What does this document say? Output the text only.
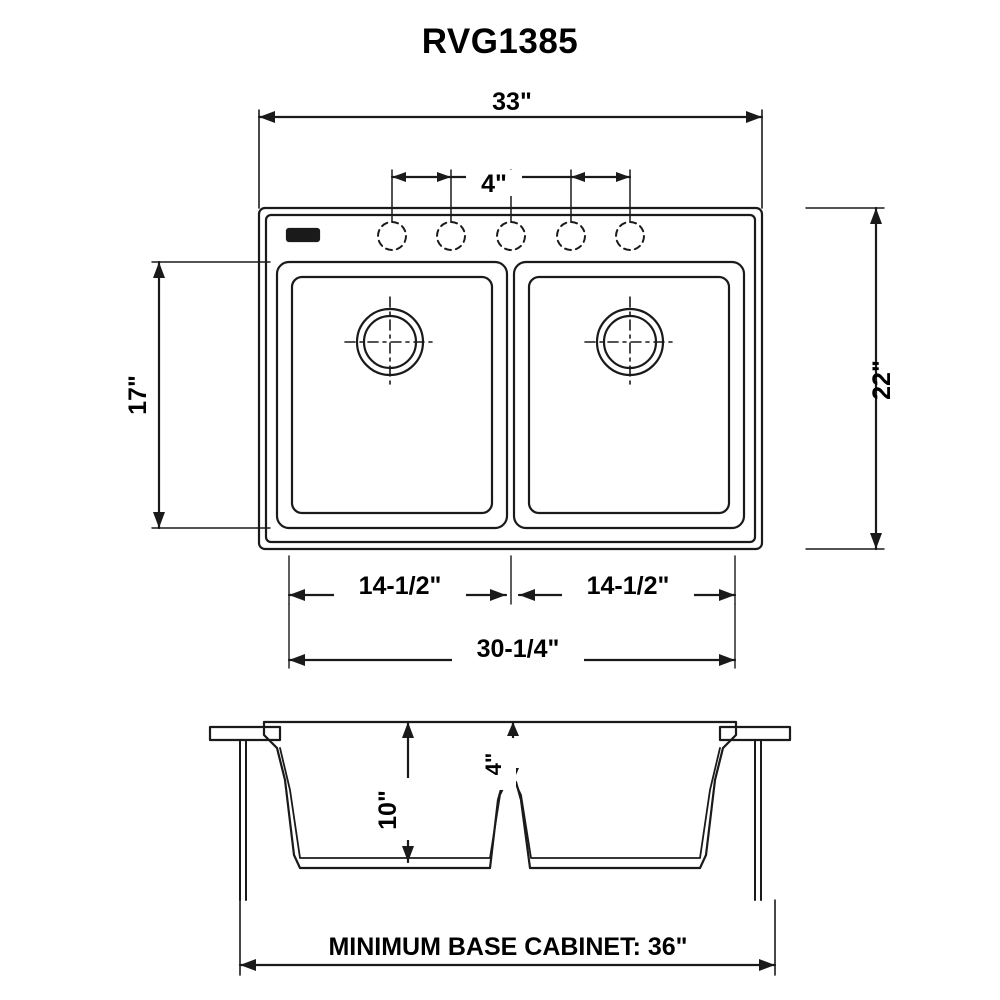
RVG1385
33"
4"
17"	22"
14-1/2"	14-1/2"
30-1/4"
10"
4"
MINIMUM BASE CABINET: 36"
